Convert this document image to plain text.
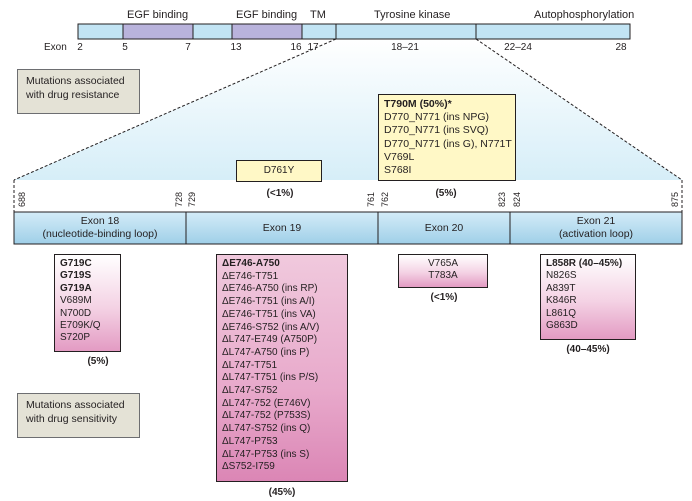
EGF binding	EGF binding TM	Tyrosine kinase	Autophosphorylation
Exon 2	5	7	13	16 17	18–21	22–24	28
Mutations associated with drug resistance
Mutations associated with drug sensitivity
688	728 729	761 762	823 824	875
Exon 18
(nucleotide-binding loop)
Exon 19	Exon 20
Exon 21
(activation loop)
T790M (50%)*
D770_N771 (ins NPG)
D770_N771 (ins SVQ)
D770_N771 (ins G), N771T
V769L
S768I
(5%)
D761Y
(<1%)
G719C
G719S
G719A
V689M
N700D
E709K/Q
S720P
(5%)
ΔE746-A750
ΔE746-T751
ΔE746-A750 (ins RP)
ΔE746-T751 (ins A/I)
ΔE746-T751 (ins VA)
ΔE746-S752 (ins A/V)
ΔL747-E749 (A750P)
ΔL747-A750 (ins P)
ΔL747-T751
ΔL747-T751 (ins P/S)
ΔL747-S752
ΔL747-752 (E746V)
ΔL747-752 (P753S)
ΔL747-S752 (ins Q)
ΔL747-P753
ΔL747-P753 (ins S)
ΔS752-I759
(45%)
V765A
T783A
(<1%)
L858R (40–45%)
N826S
A839T
K846R
L861Q
G863D
(40–45%)
